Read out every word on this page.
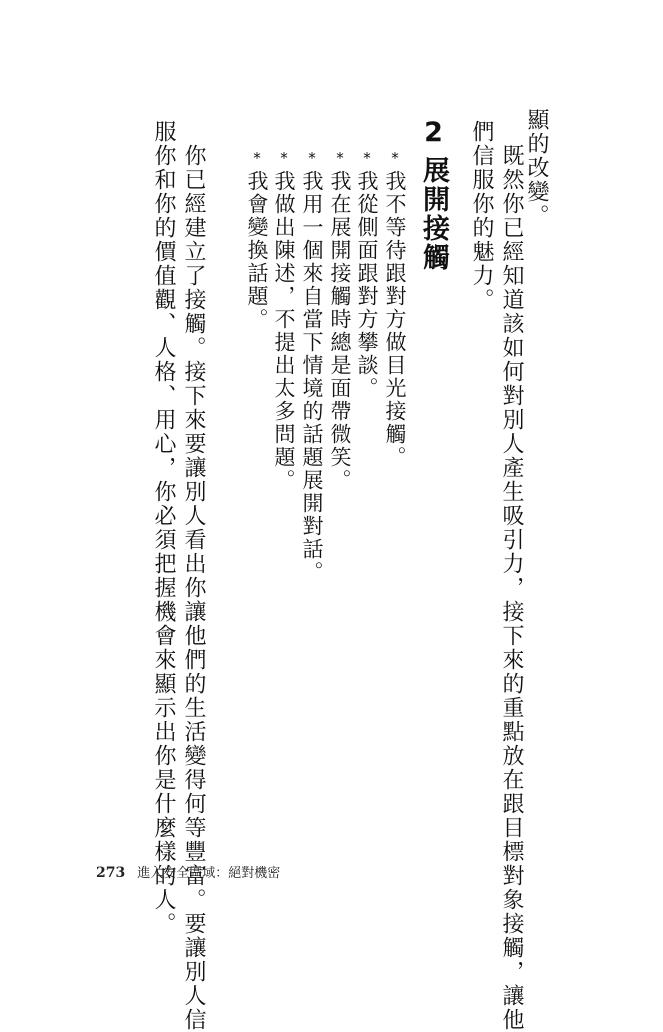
顯的改變。
　既然你已經知道該如何對別人產生吸引力，接下來的重點放在跟目標對象接觸，讓他
們信服你的魅力。
2展開接觸
*
我不等待跟對方做目光接觸。
*
我從側面跟對方攀談。
*
我在展開接觸時總是面帶微笑。
*
我用一個來自當下情境的話題展開對話。
*
我做出陳述，不提出太多問題。
*
我會變換話題。
　你已經建立了接觸。接下來要讓別人看出你讓他們的生活變得何等豐富。要讓別人信
服你和你的價值觀、人格、用心，你必須把握機會來顯示出你是什麼樣的人。
273 進入安全區域：絕對機密
